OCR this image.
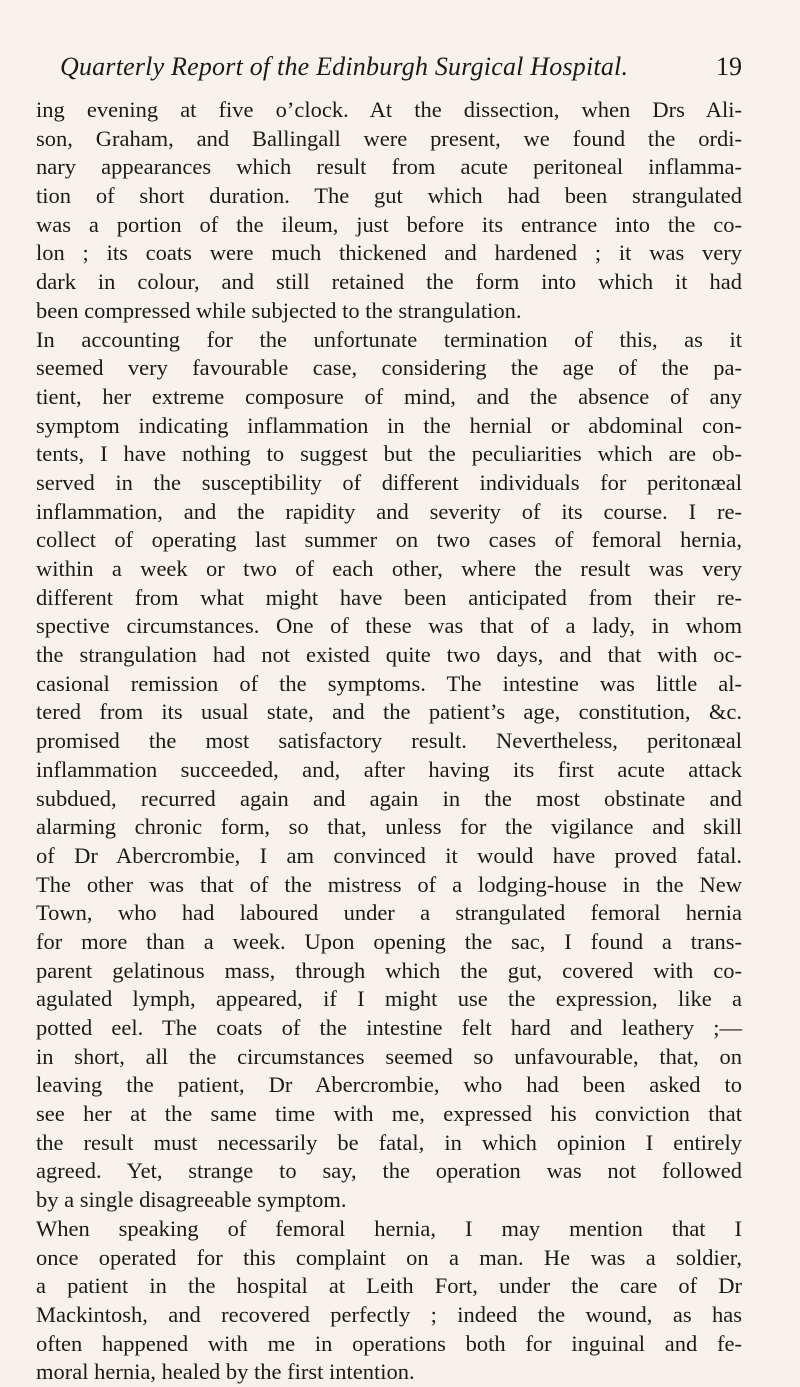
Quarterly Report of the Edinburgh Surgical Hospital.	19
ing evening at five o’clock. At the dissection, when Drs Ali-
son, Graham, and Ballingall were present, we found the ordi-
nary appearances which result from acute peritoneal inflamma-
tion of short duration. The gut which had been strangulated
was a portion of the ileum, just before its entrance into the co-
lon ; its coats were much thickened and hardened ; it was very
dark in colour, and still retained the form into which it had
been compressed while subjected to the strangulation.
In accounting for the unfortunate termination of this, as it
seemed very favourable case, considering the age of the pa-
tient, her extreme composure of mind, and the absence of any
symptom indicating inflammation in the hernial or abdominal con-
tents, I have nothing to suggest but the peculiarities which are ob-
served in the susceptibility of different individuals for peritonæal
inflammation, and the rapidity and severity of its course. I re-
collect of operating last summer on two cases of femoral hernia,
within a week or two of each other, where the result was very
different from what might have been anticipated from their re-
spective circumstances. One of these was that of a lady, in whom
the strangulation had not existed quite two days, and that with oc-
casional remission of the symptoms. The intestine was little al-
tered from its usual state, and the patient’s age, constitution, &c.
promised the most satisfactory result. Nevertheless, peritonæal
inflammation succeeded, and, after having its first acute attack
subdued, recurred again and again in the most obstinate and
alarming chronic form, so that, unless for the vigilance and skill
of Dr Abercrombie, I am convinced it would have proved fatal.
The other was that of the mistress of a lodging-house in the New
Town, who had laboured under a strangulated femoral hernia
for more than a week. Upon opening the sac, I found a trans-
parent gelatinous mass, through which the gut, covered with co-
agulated lymph, appeared, if I might use the expression, like a
potted eel. The coats of the intestine felt hard and leathery ;—
in short, all the circumstances seemed so unfavourable, that, on
leaving the patient, Dr Abercrombie, who had been asked to
see her at the same time with me, expressed his conviction that
the result must necessarily be fatal, in which opinion I entirely
agreed. Yet, strange to say, the operation was not followed
by a single disagreeable symptom.
When speaking of femoral hernia, I may mention that I
once operated for this complaint on a man. He was a soldier,
a patient in the hospital at Leith Fort, under the care of Dr
Mackintosh, and recovered perfectly ; indeed the wound, as has
often happened with me in operations both for inguinal and fe-
moral hernia, healed by the first intention.
